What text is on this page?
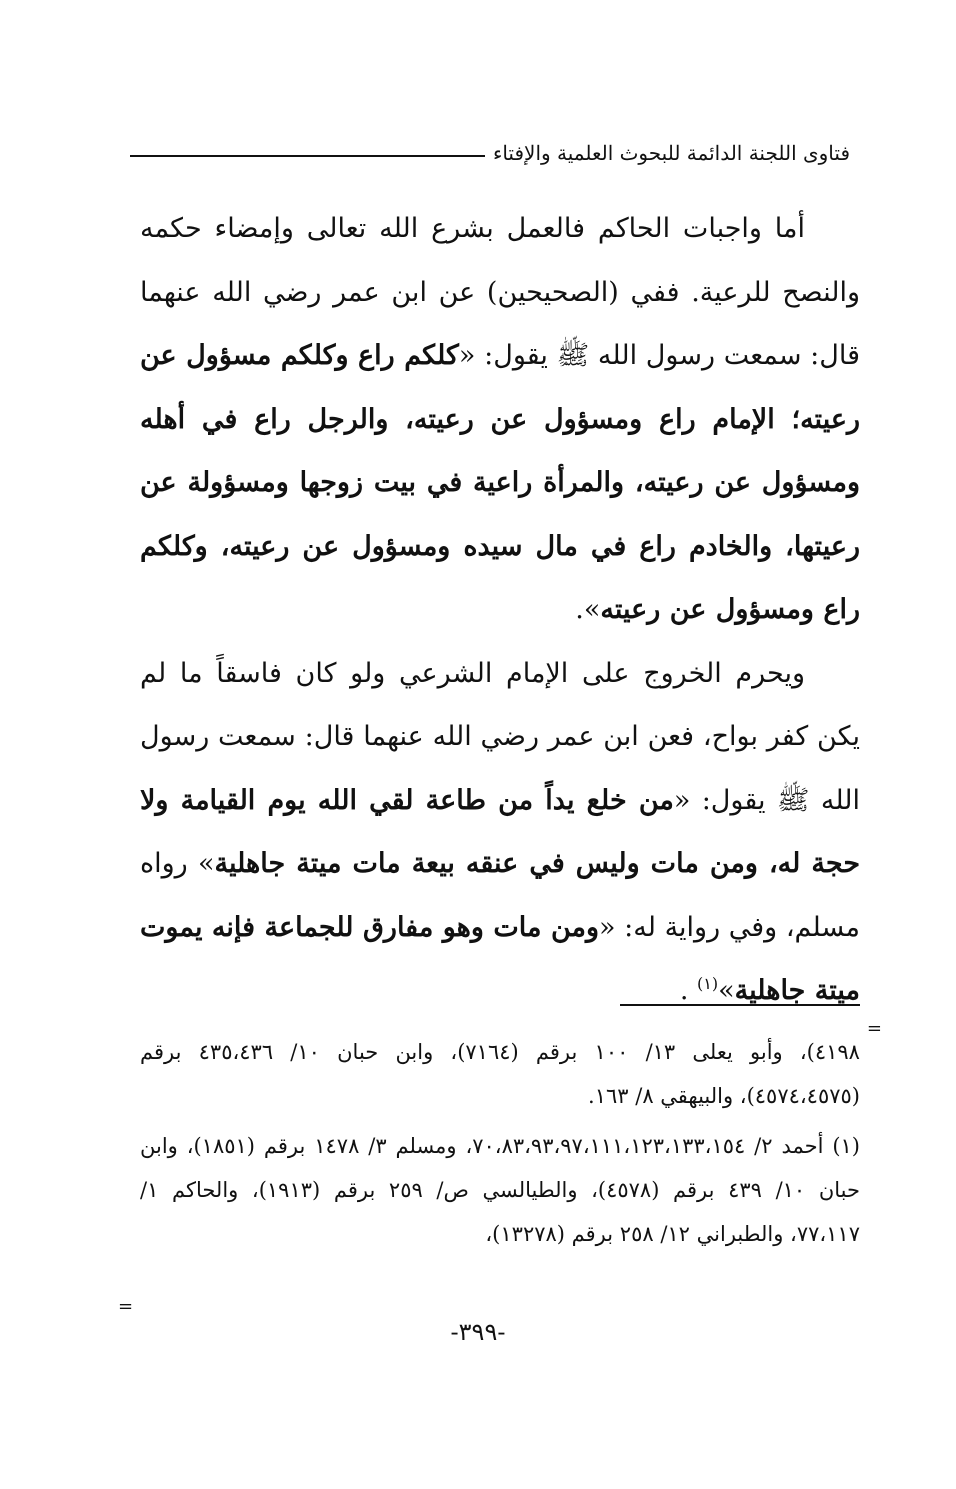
فتاوى اللجنة الدائمة للبحوث العلمية والإفتاء

أما واجبات الحاكم فالعمل بشرع الله تعالى وإمضاء حكمه والنصح للرعية. ففي (الصحيحين) عن ابن عمر رضي الله عنهما قال: سمعت رسول الله ﷺ يقول: «كلكم راع وكلكم مسؤول عن رعيته؛ الإمام راع ومسؤول عن رعيته، والرجل راع في أهله ومسؤول عن رعيته، والمرأة راعية في بيت زوجها ومسؤولة عن رعيتها، والخادم راع في مال سيده ومسؤول عن رعيته، وكلكم راع ومسؤول عن رعيته».

ويحرم الخروج على الإمام الشرعي ولو كان فاسقاً ما لم يكن كفر بواح، فعن ابن عمر رضي الله عنهما قال: سمعت رسول الله ﷺ يقول: «من خلع يداً من طاعة لقي الله يوم القيامة ولا حجة له، ومن مات وليس في عنقه بيعة مات ميتة جاهلية» رواه مسلم، وفي رواية له: «ومن مات وهو مفارق للجماعة فإنه يموت ميتة جاهلية»$^{(١)}$ .

=
=

٤١٩٨)، وأبو يعلى ١٣/ ١٠٠ برقم (٧١٦٤)، وابن حبان ١٠/ ٤٣٥،٤٣٦ برقم (٤٥٧٤،٤٥٧٥)، والبيهقي ٨/ ١٦٣.

(١) أحمد ٢/ ٧٠،٨٣،٩٣،٩٧،١١١،١٢٣،١٣٣،١٥٤، ومسلم ٣/ ١٤٧٨ برقم (١٨٥١)، وابن حبان ١٠/ ٤٣٩ برقم (٤٥٧٨)، والطيالسي ص/ ٢٥٩ برقم (١٩١٣)، والحاكم ١/ ٧٧،١١٧، والطبراني ١٢/ ٢٥٨ برقم (١٣٢٧٨)،

-٣٩٩-
